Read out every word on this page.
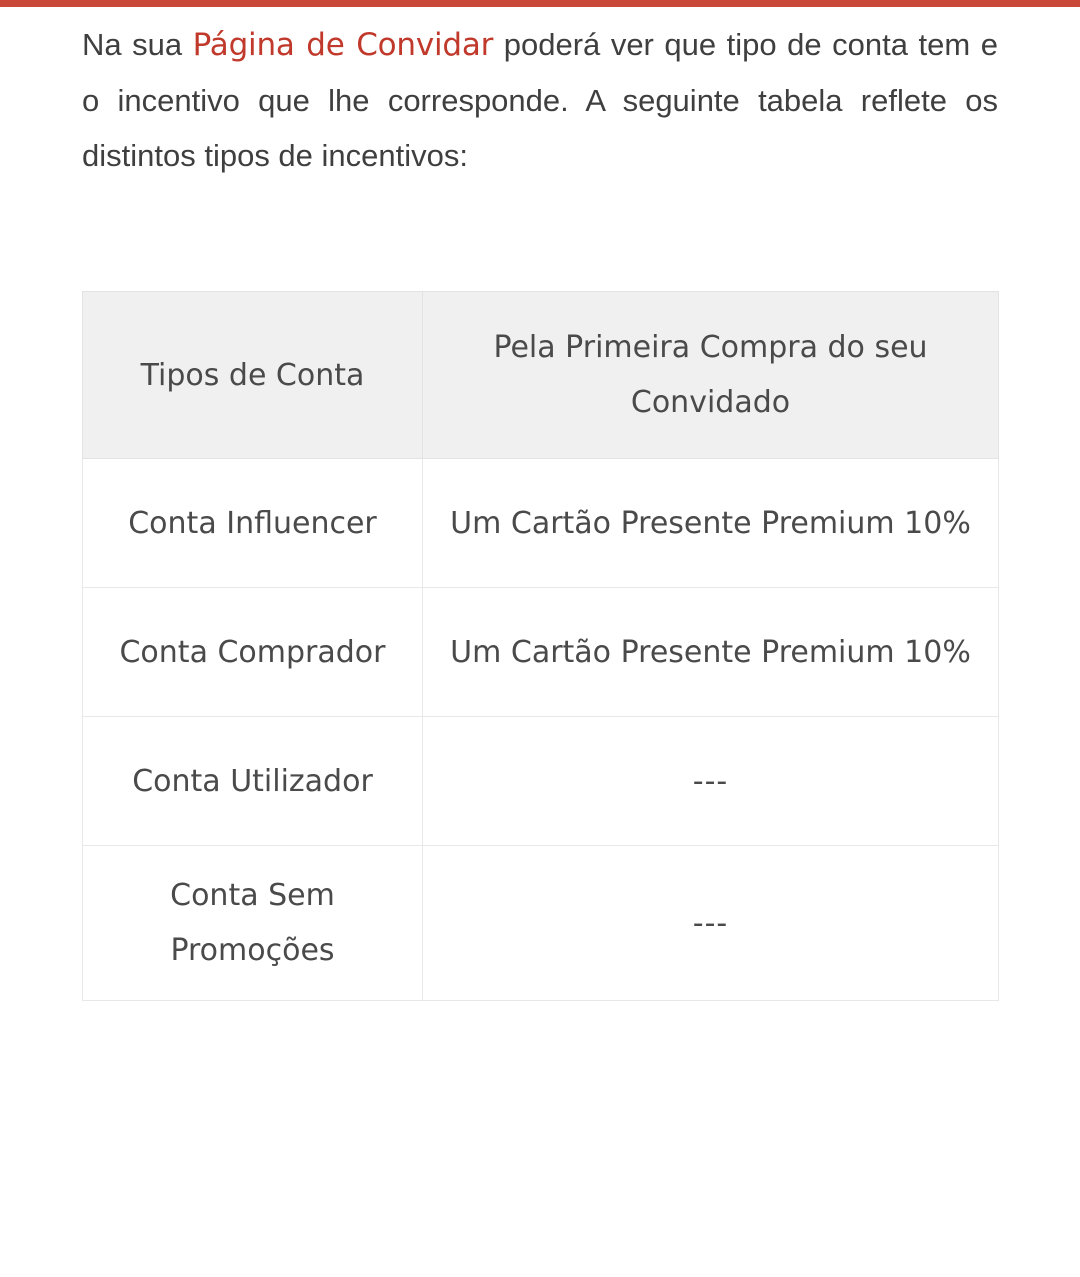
Na sua Página de Convidar poderá ver que tipo de conta tem e o incentivo que lhe corresponde. A seguinte tabela reflete os distintos tipos de incentivos:

Tipos de Conta	Pela Primeira Compra do seu Convidado
Conta Influencer	Um Cartão Presente Premium 10%
Conta Comprador	Um Cartão Presente Premium 10%
Conta Utilizador	---
Conta Sem Promoções	---
